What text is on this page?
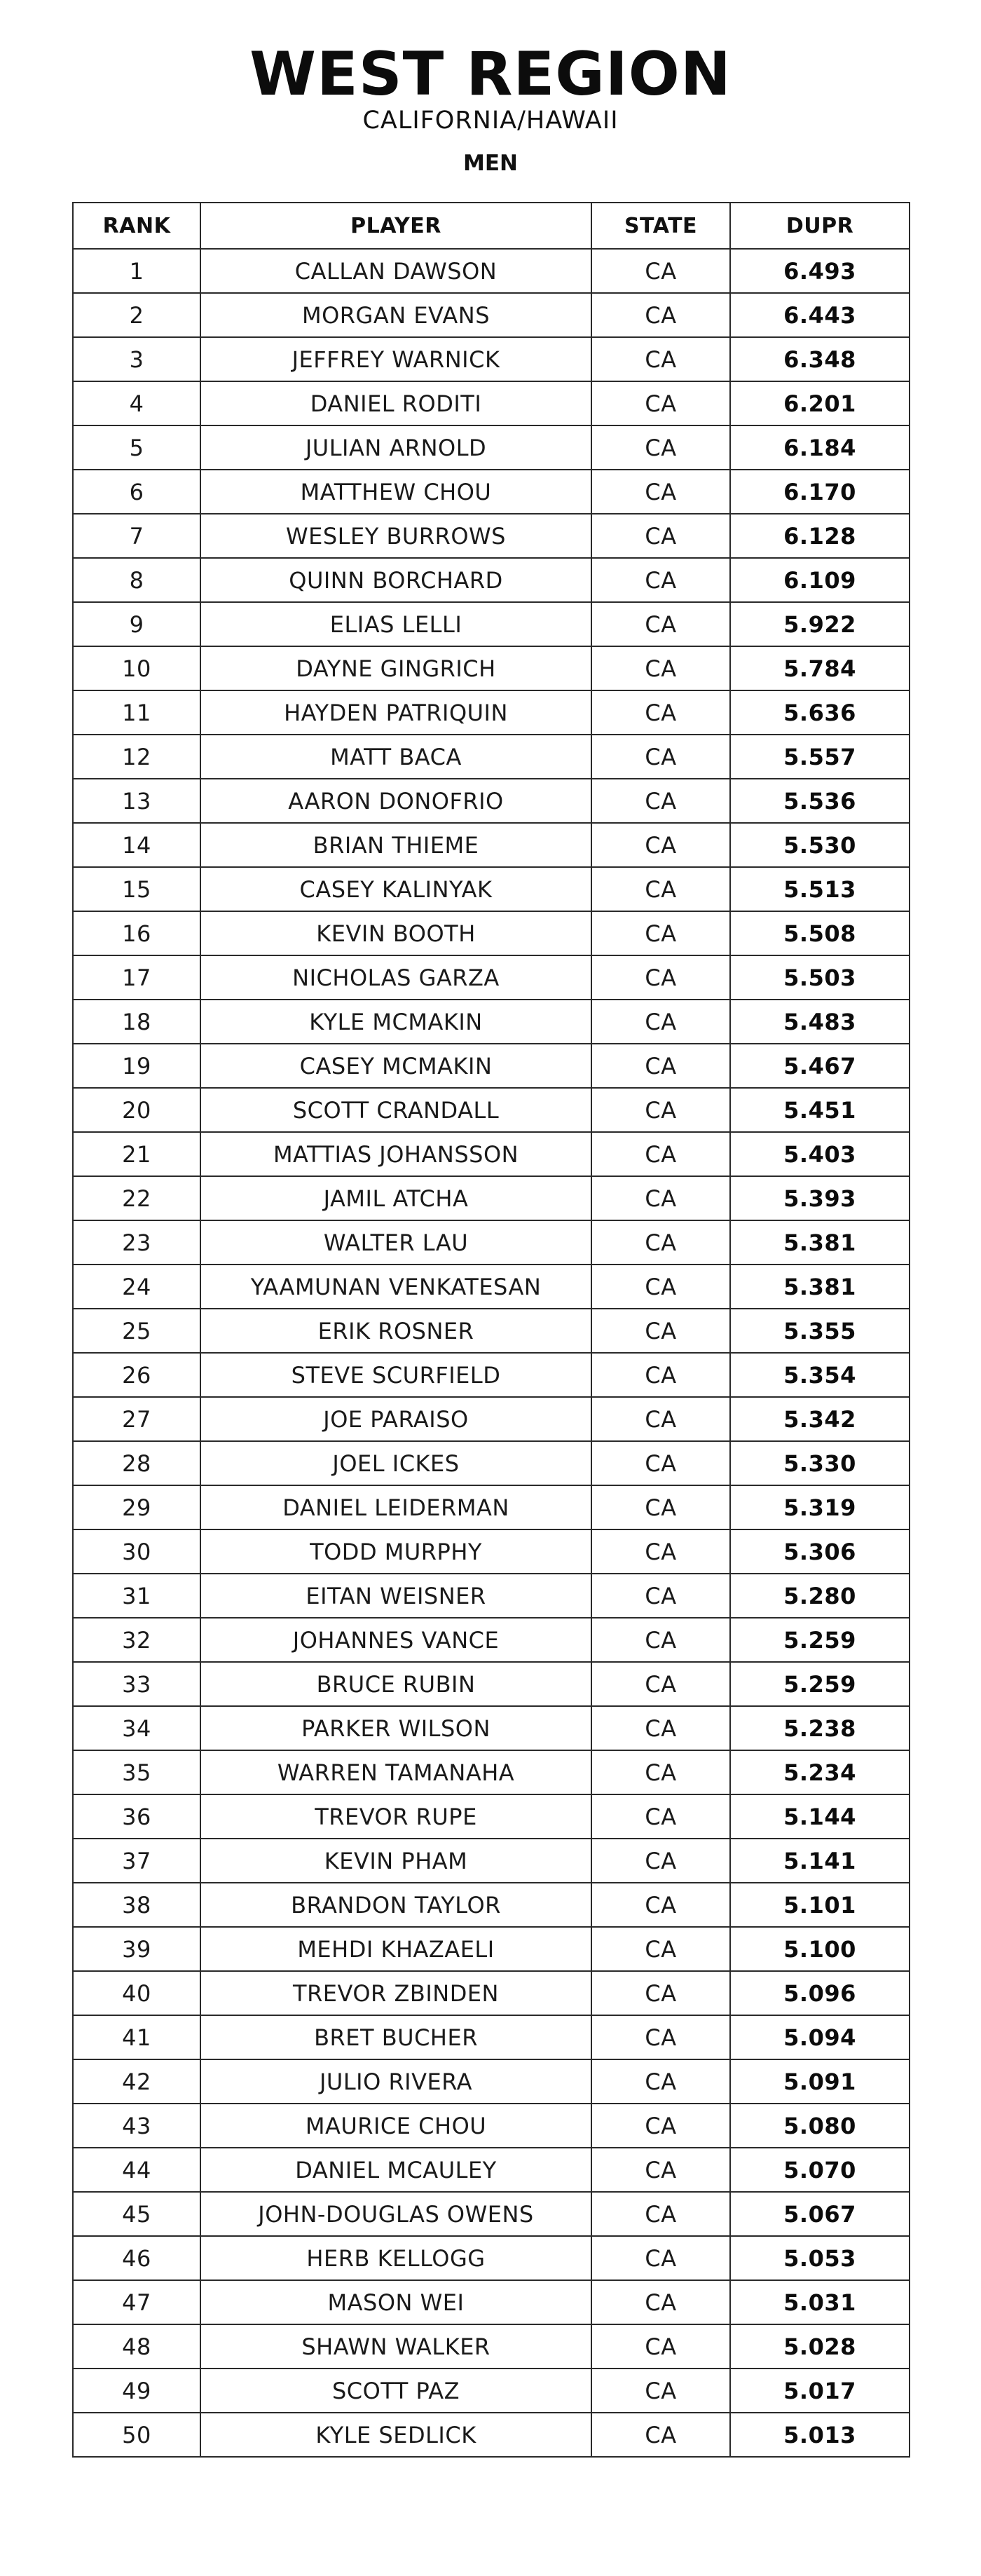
WEST REGION
CALIFORNIA/HAWAII
MEN
RANK	PLAYER	STATE	DUPR
1	CALLAN DAWSON	CA	6.493
2	MORGAN EVANS	CA	6.443
3	JEFFREY WARNICK	CA	6.348
4	DANIEL RODITI	CA	6.201
5	JULIAN ARNOLD	CA	6.184
6	MATTHEW CHOU	CA	6.170
7	WESLEY BURROWS	CA	6.128
8	QUINN BORCHARD	CA	6.109
9	ELIAS LELLI	CA	5.922
10	DAYNE GINGRICH	CA	5.784
11	HAYDEN PATRIQUIN	CA	5.636
12	MATT BACA	CA	5.557
13	AARON DONOFRIO	CA	5.536
14	BRIAN THIEME	CA	5.530
15	CASEY KALINYAK	CA	5.513
16	KEVIN BOOTH	CA	5.508
17	NICHOLAS GARZA	CA	5.503
18	KYLE MCMAKIN	CA	5.483
19	CASEY MCMAKIN	CA	5.467
20	SCOTT CRANDALL	CA	5.451
21	MATTIAS JOHANSSON	CA	5.403
22	JAMIL ATCHA	CA	5.393
23	WALTER LAU	CA	5.381
24	YAAMUNAN VENKATESAN	CA	5.381
25	ERIK ROSNER	CA	5.355
26	STEVE SCURFIELD	CA	5.354
27	JOE PARAISO	CA	5.342
28	JOEL ICKES	CA	5.330
29	DANIEL LEIDERMAN	CA	5.319
30	TODD MURPHY	CA	5.306
31	EITAN WEISNER	CA	5.280
32	JOHANNES VANCE	CA	5.259
33	BRUCE RUBIN	CA	5.259
34	PARKER WILSON	CA	5.238
35	WARREN TAMANAHA	CA	5.234
36	TREVOR RUPE	CA	5.144
37	KEVIN PHAM	CA	5.141
38	BRANDON TAYLOR	CA	5.101
39	MEHDI KHAZAELI	CA	5.100
40	TREVOR ZBINDEN	CA	5.096
41	BRET BUCHER	CA	5.094
42	JULIO RIVERA	CA	5.091
43	MAURICE CHOU	CA	5.080
44	DANIEL MCAULEY	CA	5.070
45	JOHN-DOUGLAS OWENS	CA	5.067
46	HERB KELLOGG	CA	5.053
47	MASON WEI	CA	5.031
48	SHAWN WALKER	CA	5.028
49	SCOTT PAZ	CA	5.017
50	KYLE SEDLICK	CA	5.013
